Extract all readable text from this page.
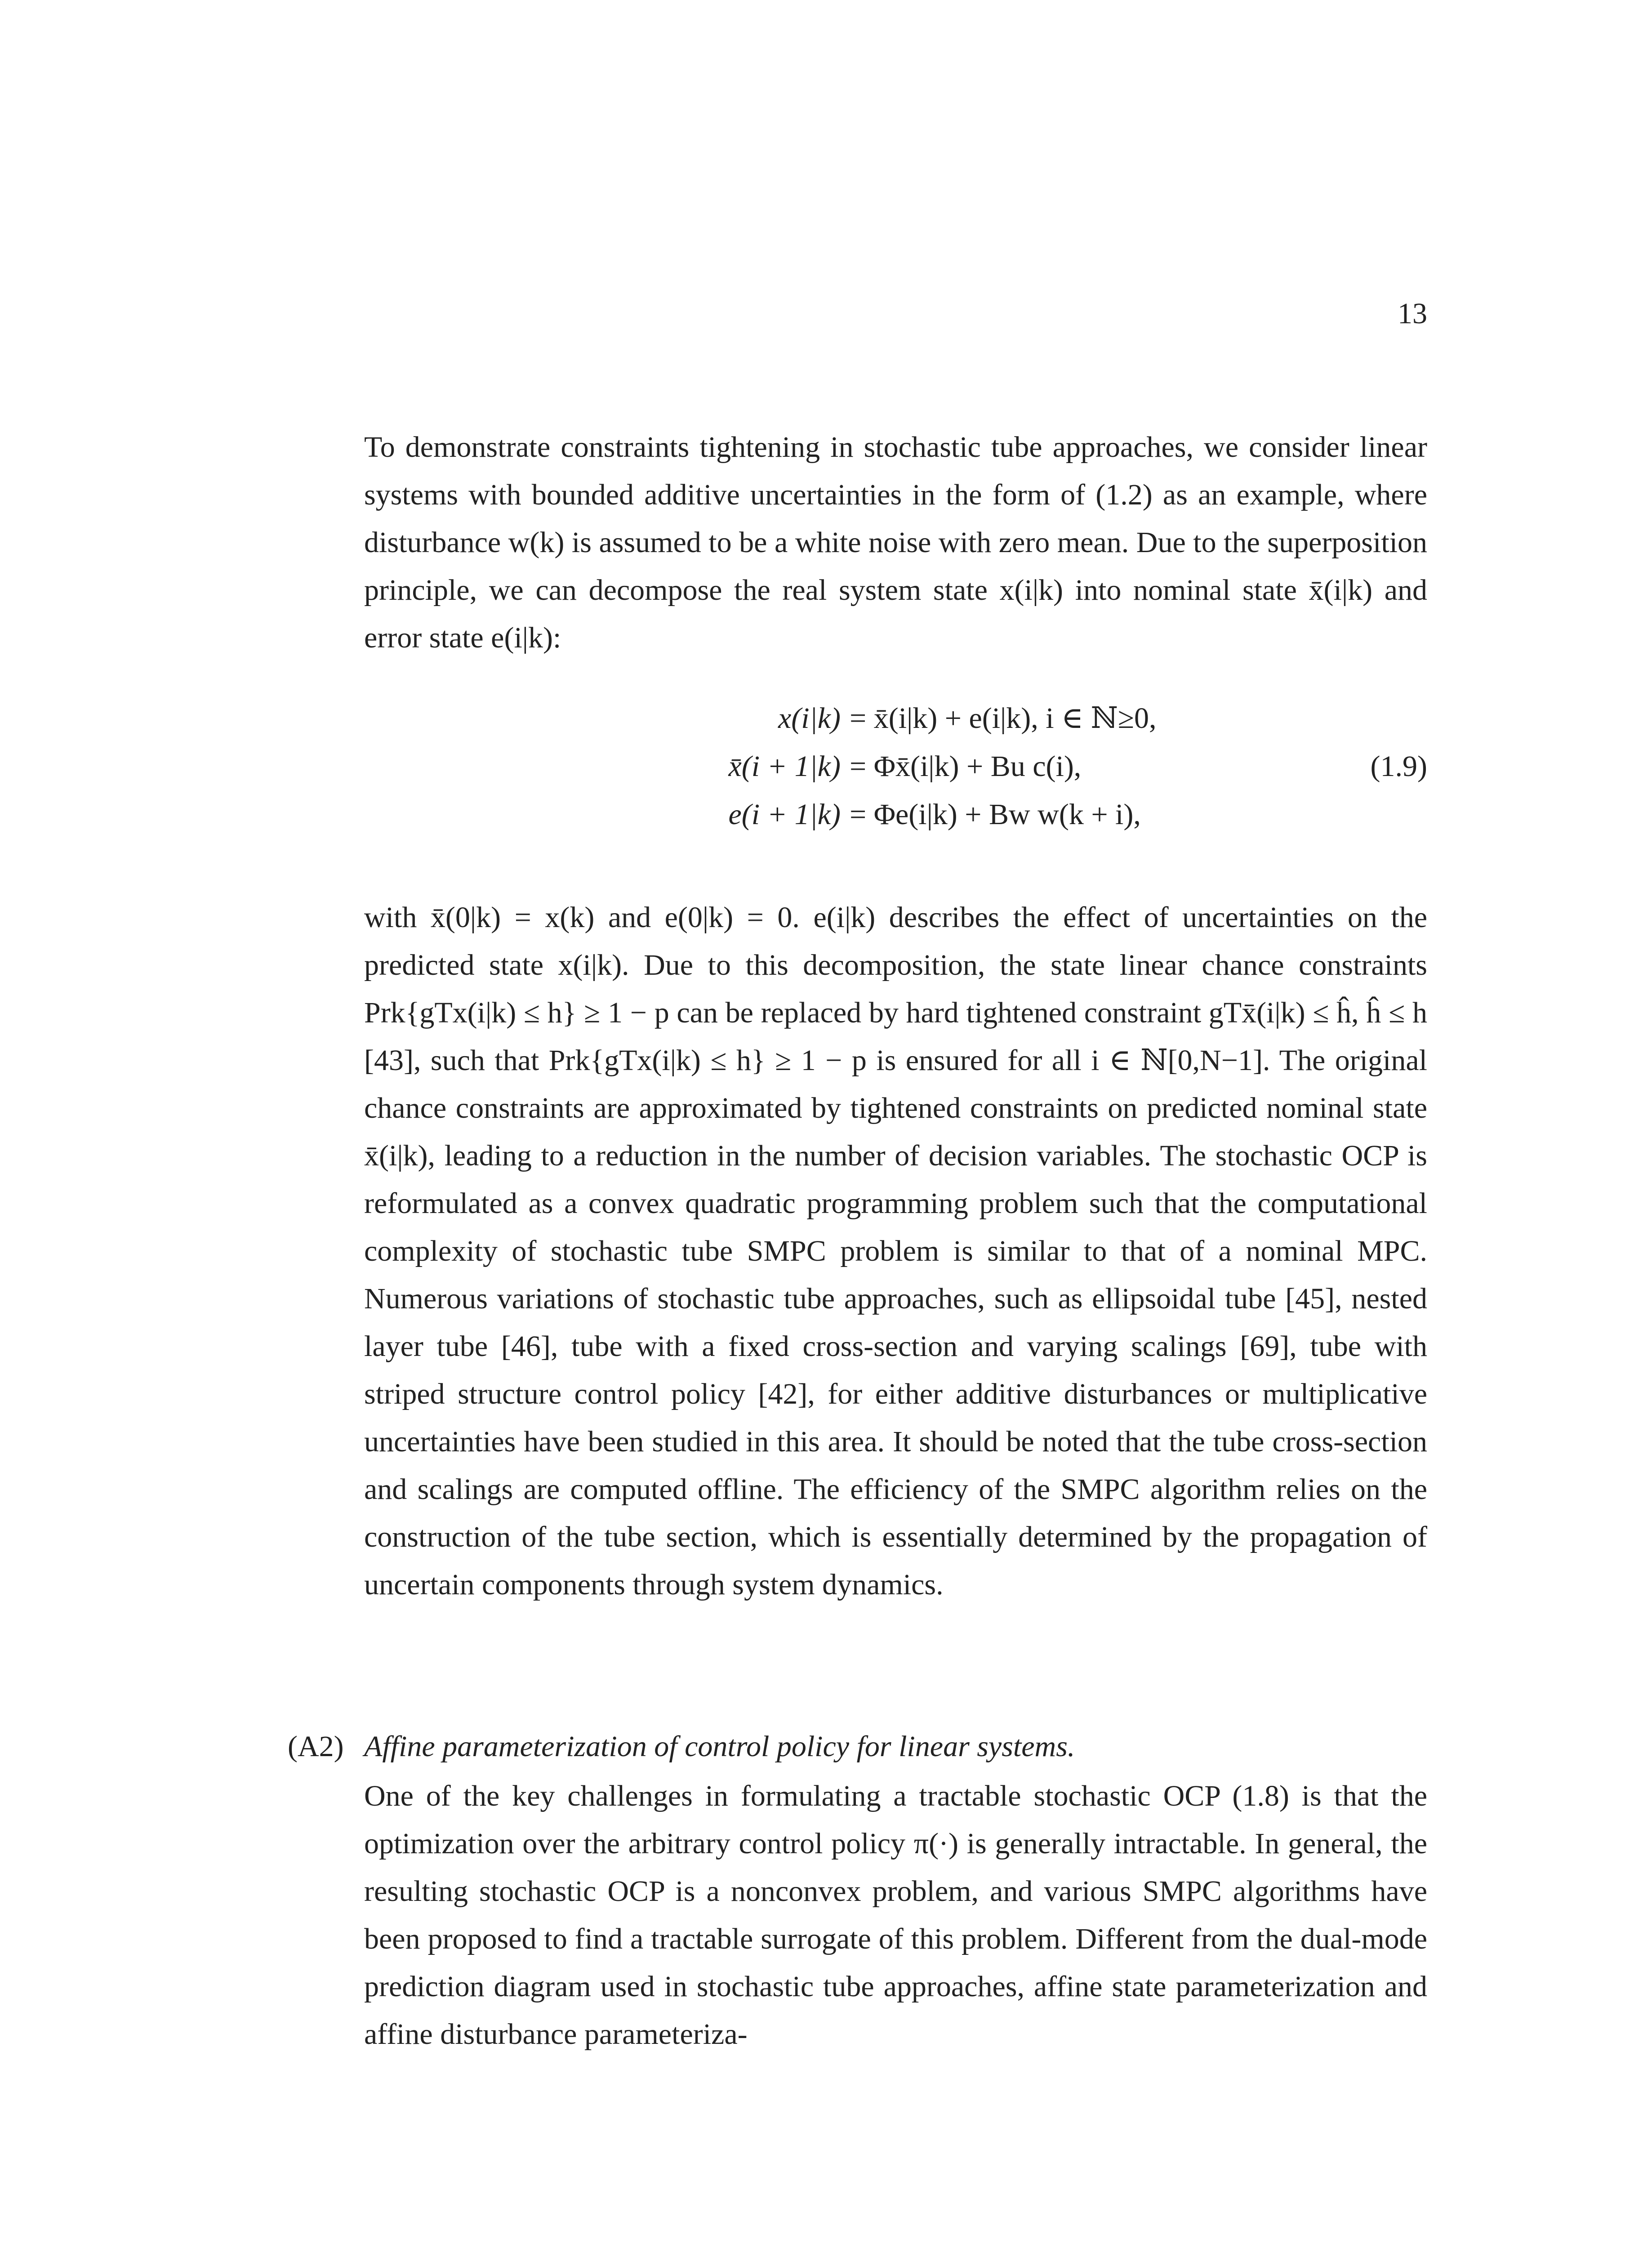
13

To demonstrate constraints tightening in stochastic tube approaches, we consider linear systems with bounded additive uncertainties in the form of (1.2) as an example, where disturbance w(k) is assumed to be a white noise with zero mean. Due to the superposition principle, we can decompose the real system state x(i|k) into nominal state x̄(i|k) and error state e(i|k):

x(i|k) = x̄(i|k) + e(i|k), i ∈ ℕ≥0,
x̄(i + 1|k) = Φx̄(i|k) + Bu c(i),	(1.9)
e(i + 1|k) = Φe(i|k) + Bw w(k + i),

with x̄(0|k) = x(k) and e(0|k) = 0. e(i|k) describes the effect of uncertainties on the predicted state x(i|k). Due to this decomposition, the state linear chance constraints Prk{gTx(i|k) ≤ h} ≥ 1 − p can be replaced by hard tightened constraint gTx̄(i|k) ≤ ĥ, ĥ ≤ h [43], such that Prk{gTx(i|k) ≤ h} ≥ 1 − p is ensured for all i ∈ ℕ[0,N−1]. The original chance constraints are approximated by tightened constraints on predicted nominal state x̄(i|k), leading to a reduction in the number of decision variables. The stochastic OCP is reformulated as a convex quadratic programming problem such that the computational complexity of stochastic tube SMPC problem is similar to that of a nominal MPC. Numerous variations of stochastic tube approaches, such as ellipsoidal tube [45], nested layer tube [46], tube with a fixed cross-section and varying scalings [69], tube with striped structure control policy [42], for either additive disturbances or multiplicative uncertainties have been studied in this area. It should be noted that the tube cross-section and scalings are computed offline. The efficiency of the SMPC algorithm relies on the construction of the tube section, which is essentially determined by the propagation of uncertain components through system dynamics.

(A2) Affine parameterization of control policy for linear systems.

One of the key challenges in formulating a tractable stochastic OCP (1.8) is that the optimization over the arbitrary control policy π(·) is generally intractable. In general, the resulting stochastic OCP is a nonconvex problem, and various SMPC algorithms have been proposed to find a tractable surrogate of this problem. Different from the dual-mode prediction diagram used in stochastic tube approaches, affine state parameterization and affine disturbance parameteriza-
